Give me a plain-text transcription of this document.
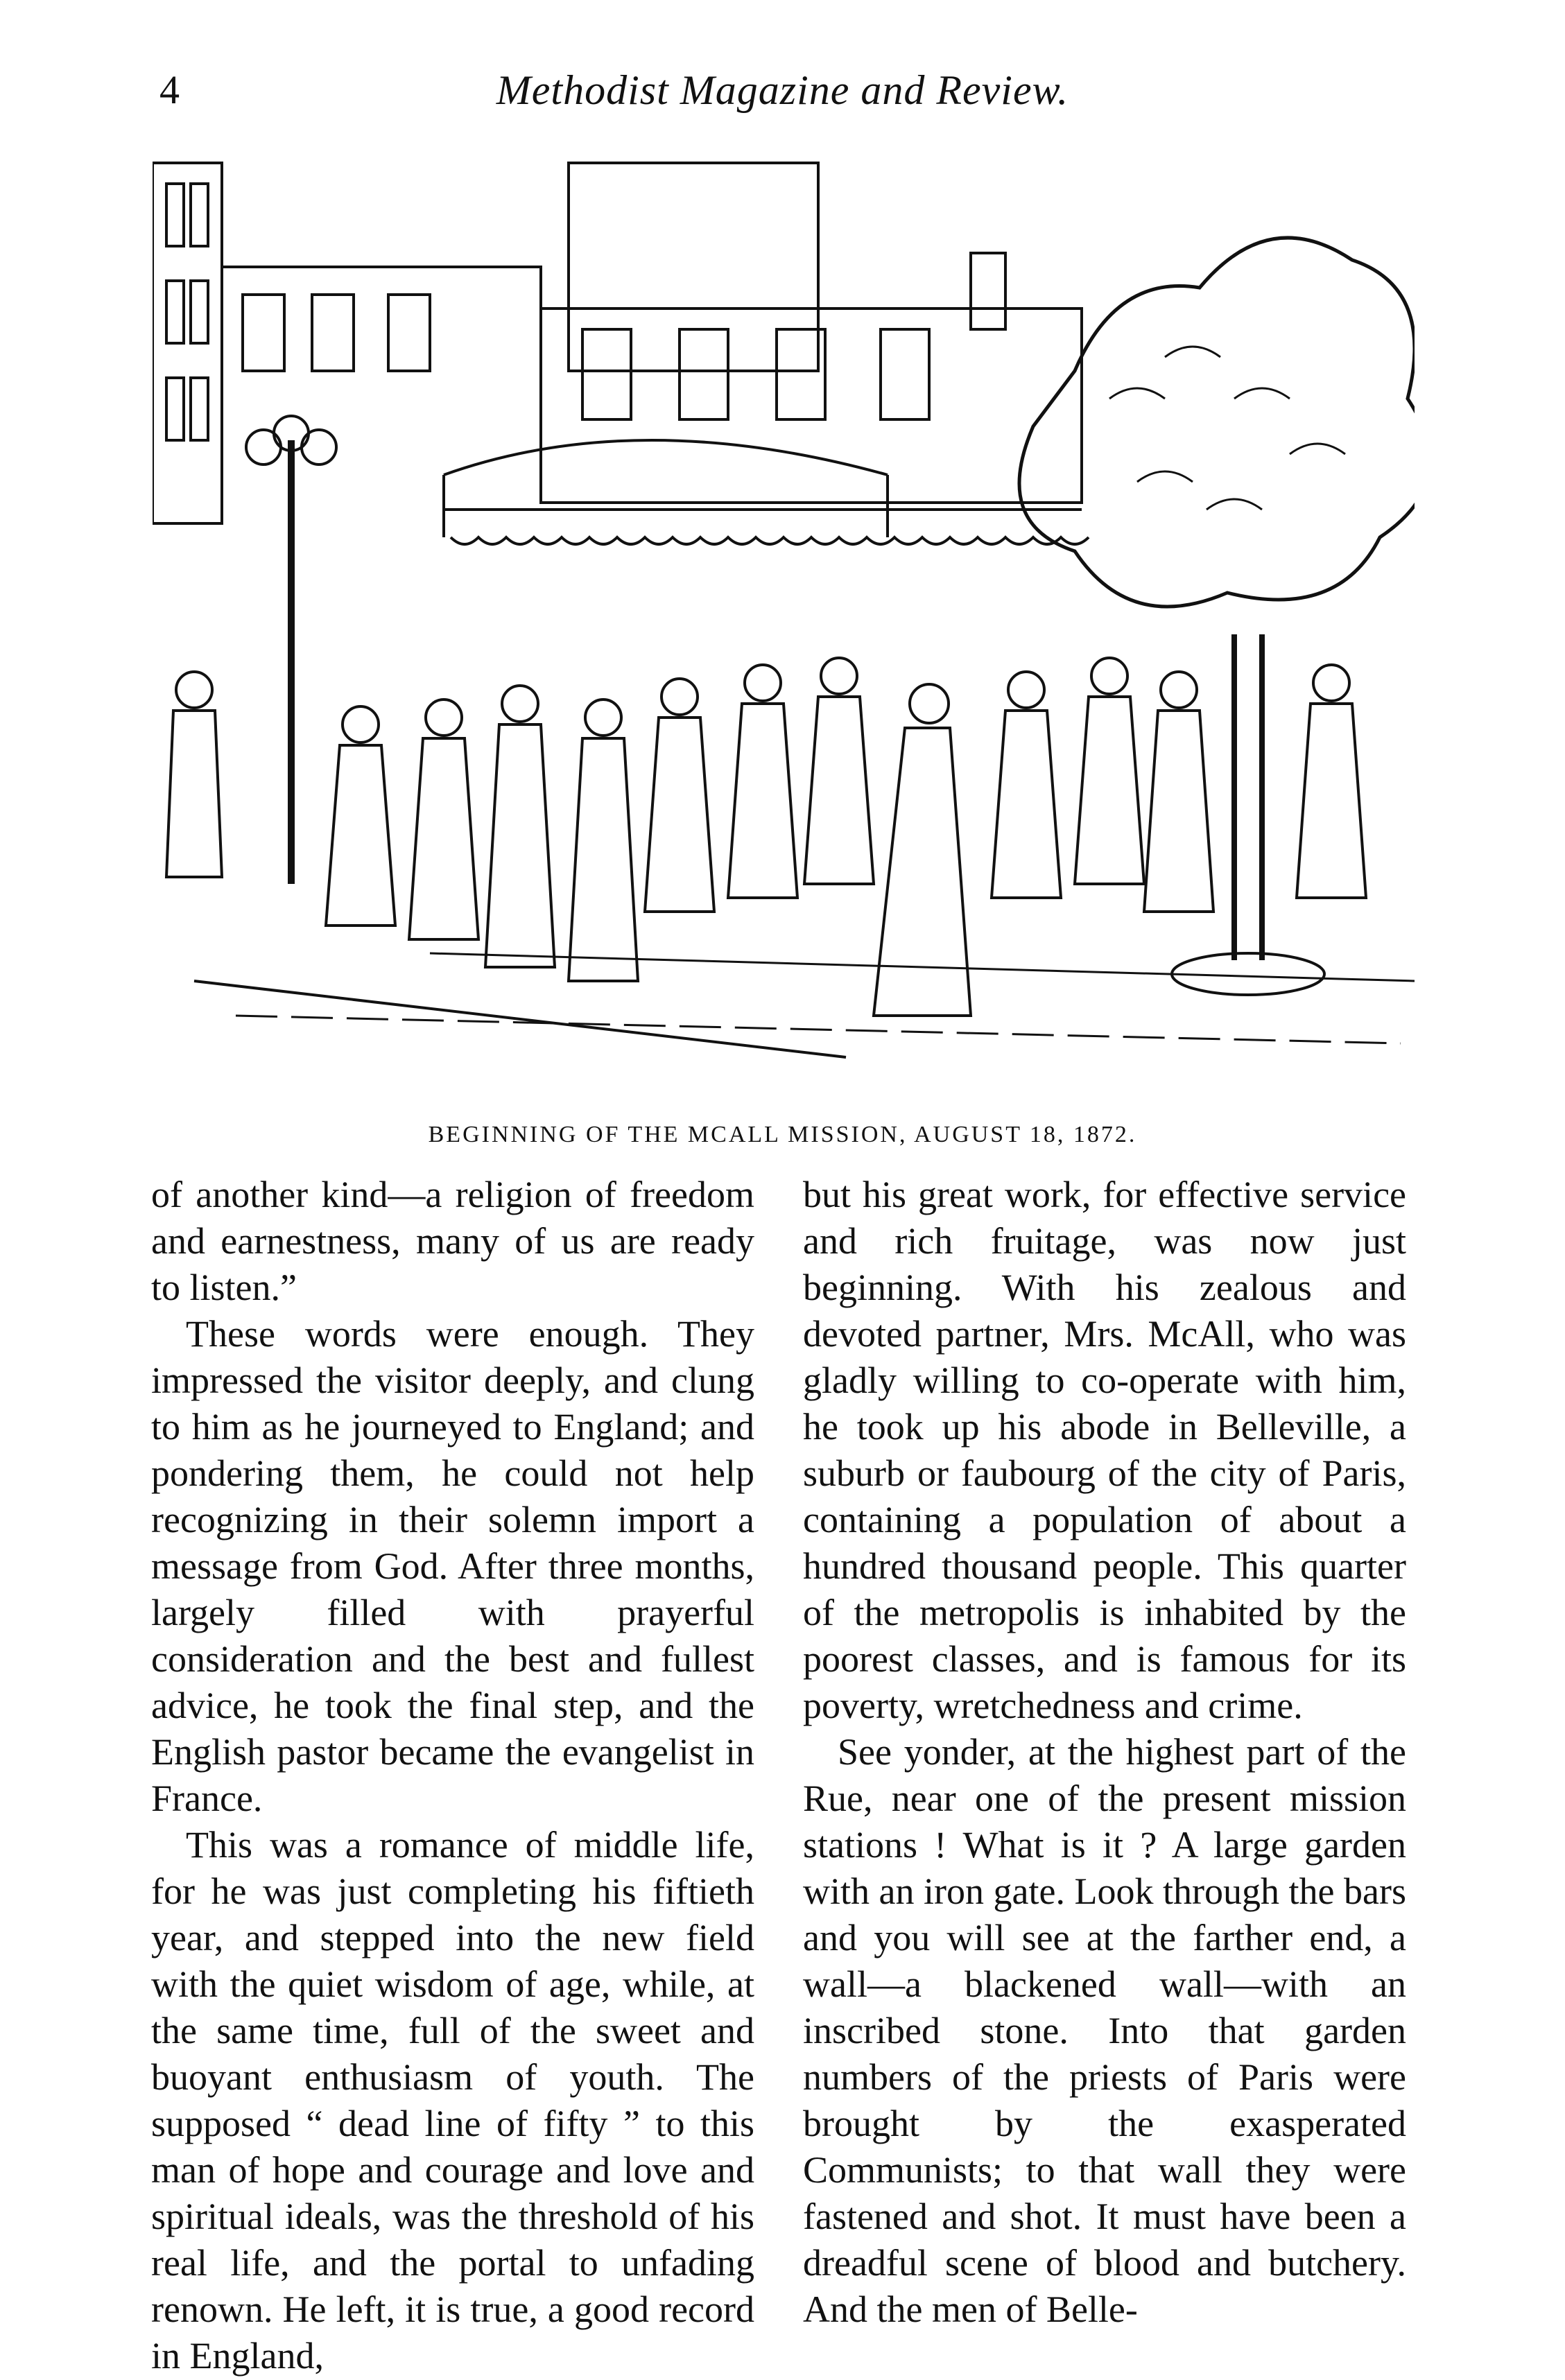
4	Methodist Magazine and Review.
BEGINNING OF THE MCALL MISSION, AUGUST 18, 1872.

of another kind—a religion of freedom and earnestness, many of us are ready to listen.”

These words were enough. They impressed the visitor deeply, and clung to him as he journeyed to England; and pondering them, he could not help recognizing in their solemn import a message from God. After three months, largely filled with prayerful consideration and the best and fullest advice, he took the final step, and the English pastor became the evangelist in France.

This was a romance of middle life, for he was just completing his fiftieth year, and stepped into the new field with the quiet wisdom of age, while, at the same time, full of the sweet and buoyant enthusiasm of youth. The supposed “ dead line of fifty ” to this man of hope and courage and love and spiritual ideals, was the threshold of his real life, and the portal to unfading renown. He left, it is true, a good record in England,

but his great work, for effective service and rich fruitage, was now just beginning. With his zealous and devoted partner, Mrs. McAll, who was gladly willing to co-operate with him, he took up his abode in Belleville, a suburb or faubourg of the city of Paris, containing a population of about a hundred thousand people. This quarter of the metropolis is inhabited by the poorest classes, and is famous for its poverty, wretchedness and crime.

See yonder, at the highest part of the Rue, near one of the present mission stations ! What is it ? A large garden with an iron gate. Look through the bars and you will see at the farther end, a wall—a blackened wall—with an inscribed stone. Into that garden numbers of the priests of Paris were brought by the exasperated Communists; to that wall they were fastened and shot. It must have been a dreadful scene of blood and butchery. And the men of Belle-
